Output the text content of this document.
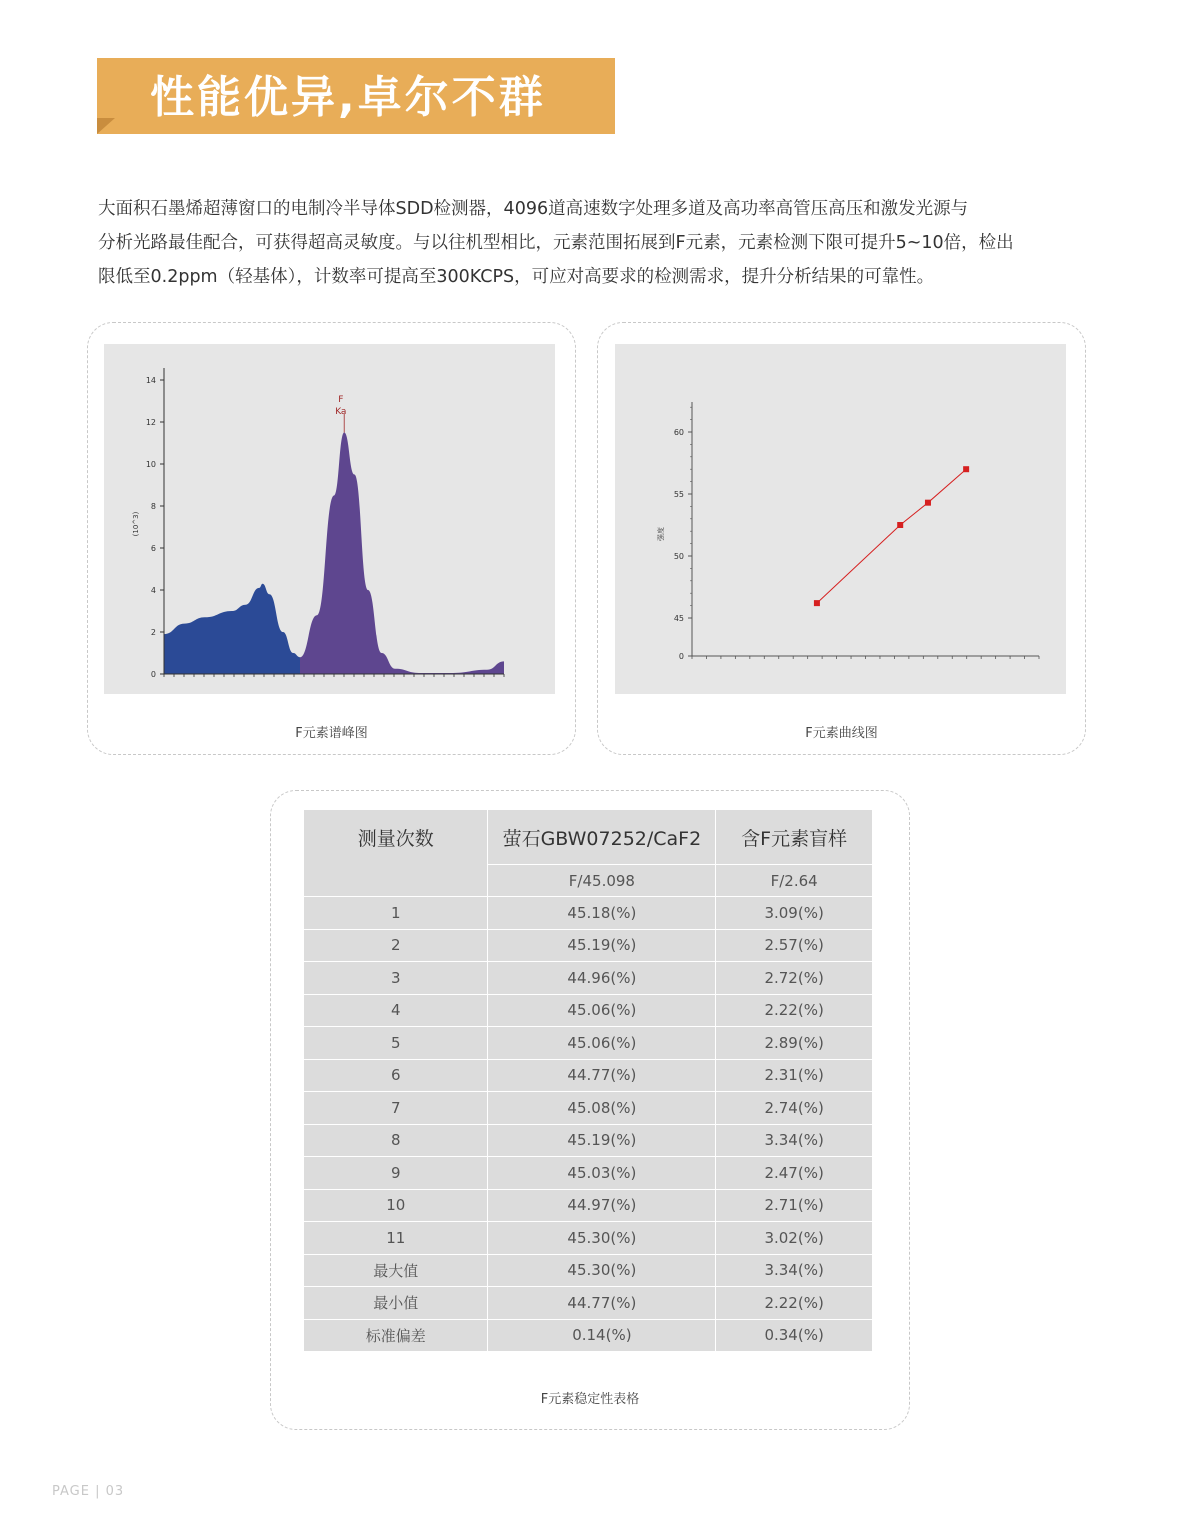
性能优异,卓尔不群

大面积石墨烯超薄窗口的电制冷半导体SDD检测器，4096道高速数字处理多道及高功率高管压高压和激发光源与

分析光路最佳配合，可获得超高灵敏度。与以往机型相比，元素范围拓展到F元素，元素检测下限可提升5~10倍，检出

限低至0.2ppm（轻基体），计数率可提高至300KCPS，可应对高要求的检测需求，提升分析结果的可靠性。

0
2
4
6
8
10
12
14
(10^3)
F
Ka
F元素谱峰图
0
45
50
55
60
强度
F元素曲线图
测量次数	萤石GBW07252/CaF2	含F元素盲样
	F/45.098	F/2.64
1	45.18(%)	3.09(%)
2	45.19(%)	2.57(%)
3	44.96(%)	2.72(%)
4	45.06(%)	2.22(%)
5	45.06(%)	2.89(%)
6	44.77(%)	2.31(%)
7	45.08(%)	2.74(%)
8	45.19(%)	3.34(%)
9	45.03(%)	2.47(%)
10	44.97(%)	2.71(%)
11	45.30(%)	3.02(%)
最大值	45.30(%)	3.34(%)
最小值	44.77(%)	2.22(%)
标准偏差	0.14(%)	0.34(%)
F元素稳定性表格
PAGE | 03
